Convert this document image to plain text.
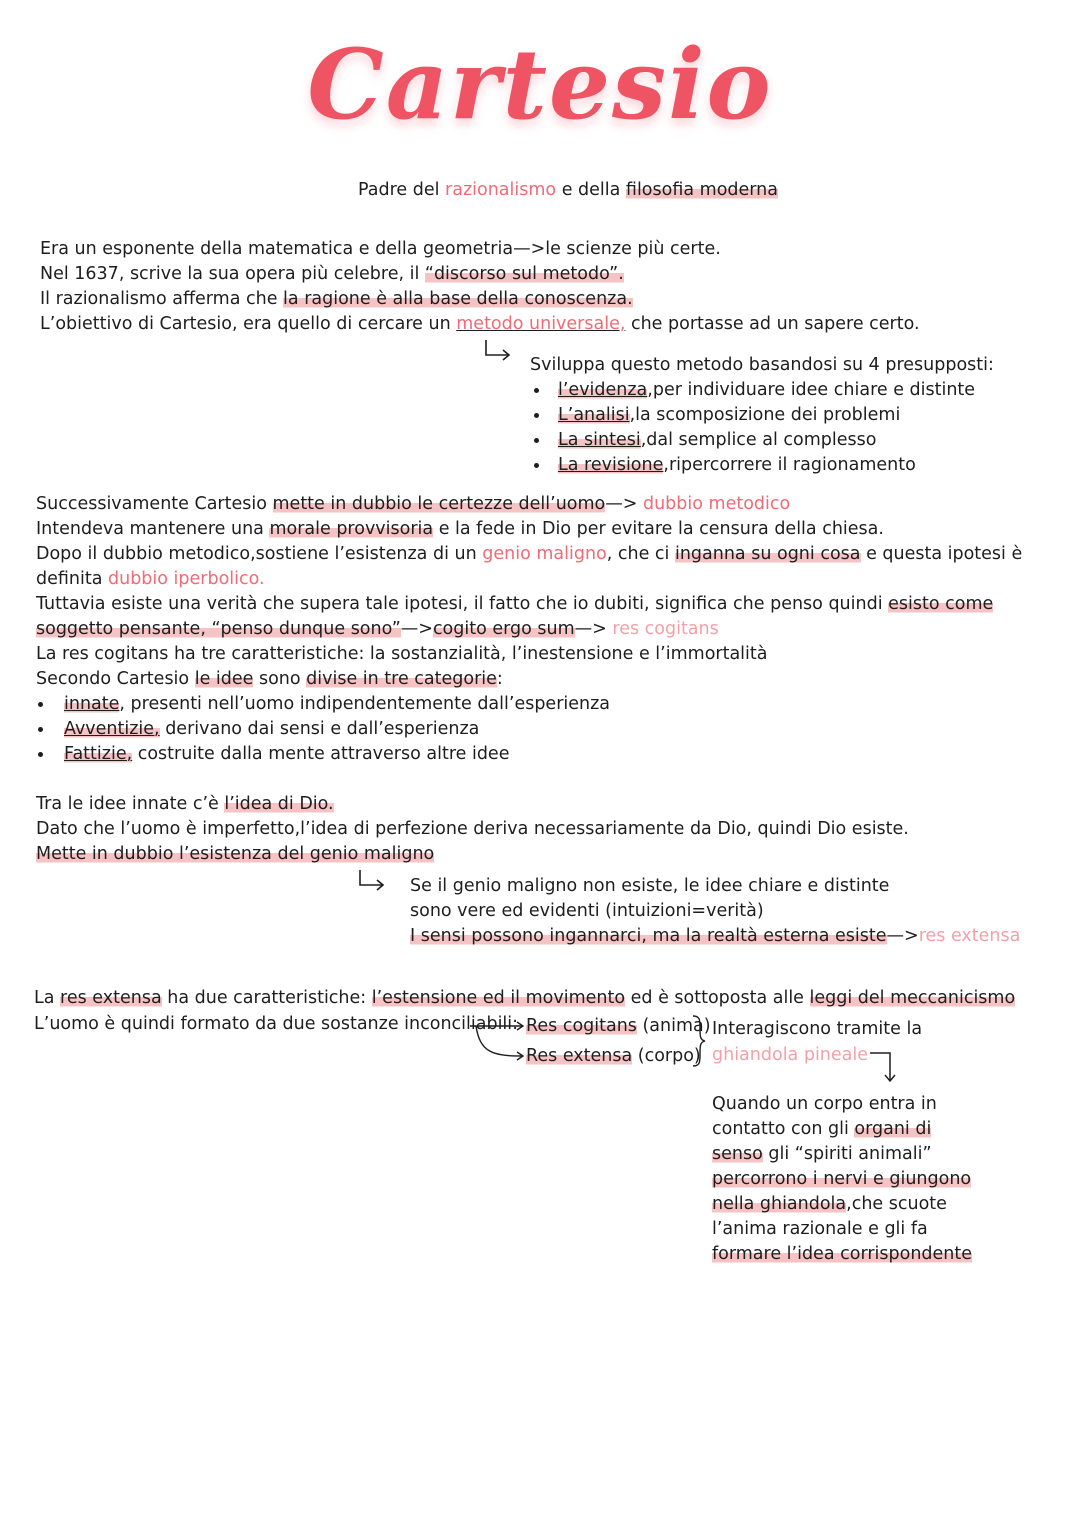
Cartesio
Padre del razionalismo e della filosofia moderna
Era un esponente della matematica e della geometria—>le scienze più certe.
Nel 1637, scrive la sua opera più celebre, il “discorso sul metodo”.
Il razionalismo afferma che la ragione è alla base della conoscenza.
L’obiettivo di Cartesio, era quello di cercare un metodo universale, che portasse ad un sapere certo.
Sviluppa questo metodo basandosi su 4 presupposti:
l’evidenza,per individuare idee chiare e distinte
L’analisi,la scomposizione dei problemi
La sintesi,dal semplice al complesso
La revisione,ripercorrere il ragionamento
Successivamente Cartesio mette in dubbio le certezze dell’uomo—> dubbio metodico
Intendeva mantenere una morale provvisoria e la fede in Dio per evitare la censura della chiesa.
Dopo il dubbio metodico,sostiene l’esistenza di un genio maligno, che ci inganna su ogni cosa e questa ipotesi è
definita dubbio iperbolico.
Tuttavia esiste una verità che supera tale ipotesi, il fatto che io dubiti, significa che penso quindi esisto come
soggetto pensante, “penso dunque sono”—>cogito ergo sum—> res cogitans
La res cogitans ha tre caratteristiche: la sostanzialità, l’inestensione e l’immortalità
Secondo Cartesio le idee sono divise in tre categorie:
innate, presenti nell’uomo indipendentemente dall’esperienza
Avventizie, derivano dai sensi e dall’esperienza
Fattizie, costruite dalla mente attraverso altre idee
Tra le idee innate c’è l’idea di Dio.
Dato che l’uomo è imperfetto,l’idea di perfezione deriva necessariamente da Dio, quindi Dio esiste.
Mette in dubbio l’esistenza del genio maligno
Se il genio maligno non esiste, le idee chiare e distinte
sono vere ed evidenti (intuizioni=verità)
I sensi possono ingannarci, ma la realtà esterna esiste—>res extensa
La res extensa ha due caratteristiche: l’estensione ed il movimento ed è sottoposta alle leggi del meccanicismo
L’uomo è quindi formato da due sostanze inconciliabili: Res cogitans (anima)
Res extensa (corpo)
Interagiscono tramite la
ghiandola pineale
Quando un corpo entra in
contatto con gli organi di
senso gli “spiriti animali”
percorrono i nervi e giungono
nella ghiandola,che scuote
l’anima razionale e gli fa
formare l’idea corrispondente
